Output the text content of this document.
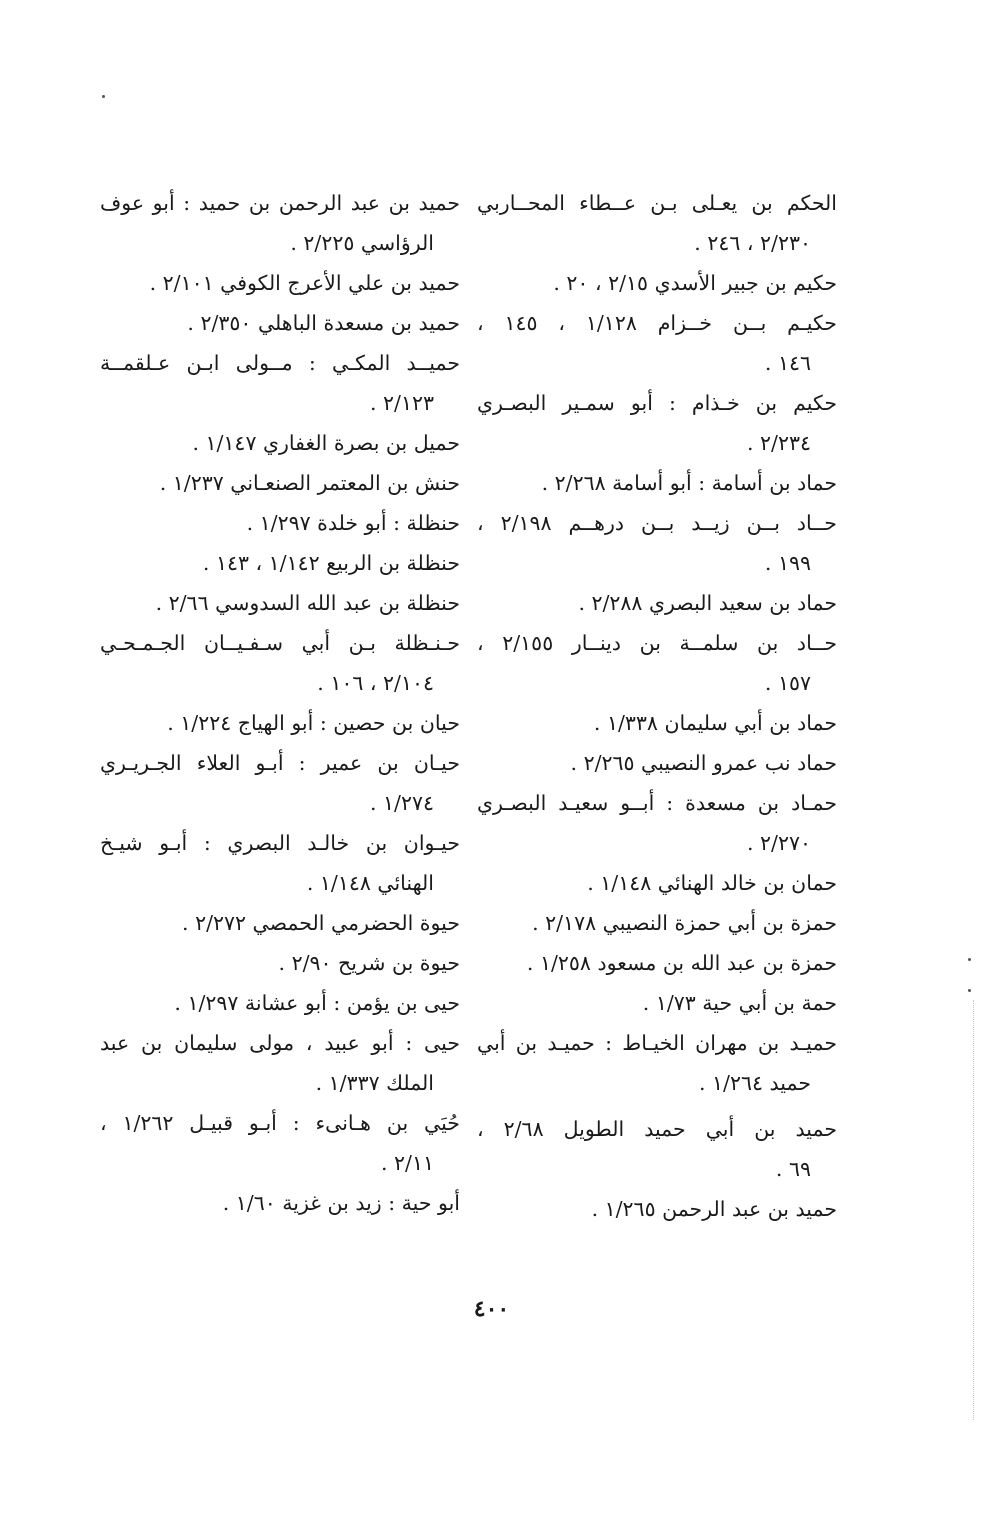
الحكم بن يعـلى بـن عــطاء المحــاربي
٢/٢٣٠ ، ٢٤٦ .
حكيم بن جبير الأسدي ٢/١٥ ، ٢٠ .
حكيـم بــن خــزام ١/١٢٨ ، ١٤٥ ،
١٤٦ .
حكيم بن خـذام : أبو سمـير البصـري
٢/٢٣٤ .
حماد بن أسامة : أبو أسامة ٢/٢٦٨ .
حــاد بــن زيــد بــن درهــم ٢/١٩٨ ،
١٩٩ .
حماد بن سعيد البصري ٢/٢٨٨ .
حــاد بن سلمــة بن دينــار ٢/١٥٥ ،
١٥٧ .
حماد بن أبي سليمان ١/٣٣٨ .
حماد نب عمرو النصيبي ٢/٢٦٥ .
حمـاد بن مسعدة : أبــو سعيـد البصـري
٢/٢٧٠ .
حمان بن خالد الهنائي ١/١٤٨ .
حمزة بن أبي حمزة النصيبي ٢/١٧٨ .
حمزة بن عبد الله بن مسعود ١/٢٥٨ .
حمة بن أبي حية ١/٧٣ .
حميـد بن مهران الخيـاط : حميـد بن أبي
حميد ١/٢٦٤ .
حميد بن أبي حميد الطويل ٢/٦٨ ،
٦٩ .
حميد بن عبد الرحمن ١/٢٦٥ .
حميد بن عبد الرحمن بن حميد : أبو عوف
الرؤاسي ٢/٢٢٥ .
حميد بن علي الأعرج الكوفي ٢/١٠١ .
حميد بن مسعدة الباهلي ٢/٣٥٠ .
حميــد المكـي : مــولى ابـن عـلقمــة
٢/١٢٣ .
حميل بن بصرة الغفاري ١/١٤٧ .
حنش بن المعتمر الصنعـاني ١/٢٣٧ .
حنظلة : أبو خلدة ١/٢٩٧ .
حنظلة بن الربيع ١/١٤٢ ، ١٤٣ .
حنظلة بن عبد الله السدوسي ٢/٦٦ .
حـنـظلة بـن أبي سـفـيــان الجـمـحـي
٢/١٠٤ ، ١٠٦ .
حيان بن حصين : أبو الهياج ١/٢٢٤ .
حيـان بن عمير : أبـو العلاء الجـريـري
١/٢٧٤ .
حيـوان بن خالـد البصري : أبـو شيـخ
الهنائي ١/١٤٨ .
حيوة الحضرمي الحمصي ٢/٢٧٢ .
حيوة بن شريح ٢/٩٠ .
حيى بن يؤمن : أبو عشانة ١/٢٩٧ .
حيى : أبو عبيد ، مولى سليمان بن عبد
الملك ١/٣٣٧ .
حُيَي بن هـانىء : أبـو قبيـل ١/٢٦٢ ،
٢/١١ .
أبو حية : زيد بن غزية ١/٦٠ .
٤٠٠
